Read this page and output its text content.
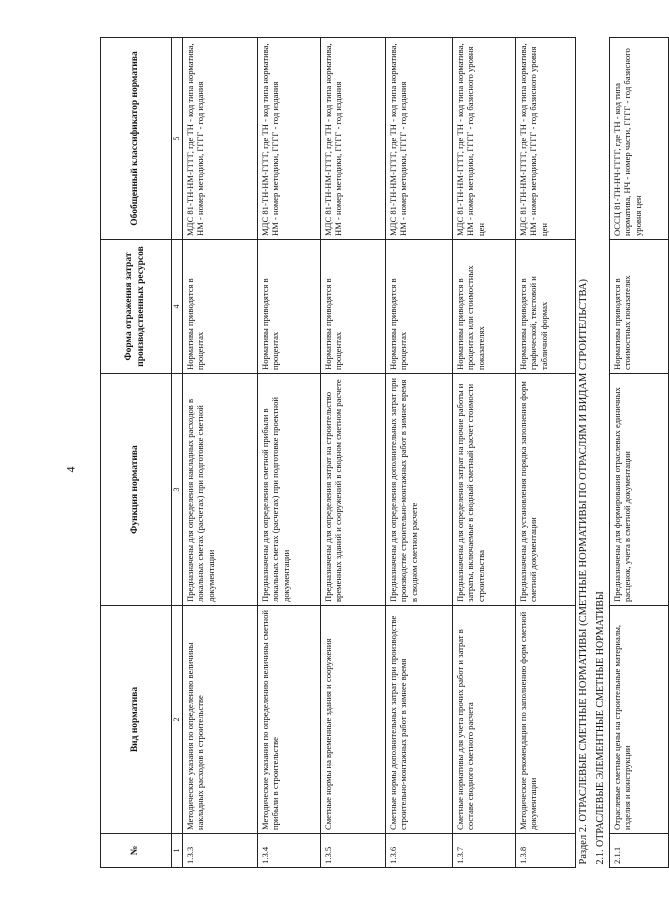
4
№	Вид норматива	Функция норматива	Форма отражения затрат производственных ресурсов	Обобщенный классификатор норматива
1	2	3	4	5
1.3.3	Методические указания по определению величины накладных расходов в строительстве	Предназначены для определения накладных расходов в локальных сметах (расчетах) при подготовке сметной документации	Нормативы приводятся в процентах	МДС 81-ТН-НМ-ГГГГ, где ТН - код типа норматива, НМ - номер методики, ГГГГ - год издания
1.3.4	Методические указания по определению величины сметной прибыли в строительстве	Предназначены для определения сметной прибыли в локальных сметах (расчетах) при подготовке проектной документации	Нормативы приводятся в процентах	МДС 81-ТН-НМ-ГГГГ, где ТН - код типа норматива, НМ - номер методики, ГГГГ - год издания
1.3.5	Сметные нормы на временные здания и сооружения	Предназначены для определения затрат на строительство временных зданий и сооружений в сводном сметном расчете	Нормативы приводятся в процентах	МДС 81-ТН-НМ-ГГГГ, где ТН - код типа норматива, НМ - номер методики, ГГГГ - год издания
1.3.6	Сметные нормы дополнительных затрат при производстве строительно-монтажных работ в зимнее время	Предназначены для определения дополнительных затрат при производстве строительно-монтажных работ в зимнее время в сводном сметном расчете	Нормативы приводятся в процентах	МДС 81-ТН-НМ-ГГГГ, где ТН - код типа норматива, НМ - номер методики, ГГГГ - год издания
1.3.7	Сметные нормативы для учета прочих работ и затрат в составе сводного сметного расчета	Предназначены для определения затрат на прочие работы и затраты, включаемые в сводный сметный расчет стоимости строительства	Нормативы приводятся в процентах или стоимостных показателях	МДС 81-ТН-НМ-ГГГГ, где ТН - код типа норматива, НМ - номер методики, ГГГГ - год базисного уровня цен
1.3.8	Методические рекомендации по заполнению форм сметной документации	Предназначены для установления порядка заполнения форм сметной документации	Нормативы приводятся в графической, текстовой и табличной формах	МДС 81-ТН-НМ-ГГГГ, где ТН - код типа норматива, НМ - номер методики, ГГГГ - год базисного уровня цен
Раздел 2. ОТРАСЛЕВЫЕ СМЕТНЫЕ НОРМАТИВЫ (СМЕТНЫЕ НОРМАТИВЫ ПО ОТРАСЛЯМ И ВИДАМ СТРОИТЕЛЬСТВА)				
2.1. ОТРАСЛЕВЫЕ ЭЛЕМЕНТНЫЕ СМЕТНЫЕ НОРМАТИВЫ				
2.1.1	Отраслевые сметные цены на строительные материалы, изделия и конструкции	Предназначены для формирования отраслевых единичных расценок, учета в сметной документации	Нормативы приводятся в стоимостных показателях	ОССЦ 81-ТН-НЧ-ГГГГ, где ТН - код типа норматива, НЧ - номер части, ГГГГ - год базисного уровня цен
